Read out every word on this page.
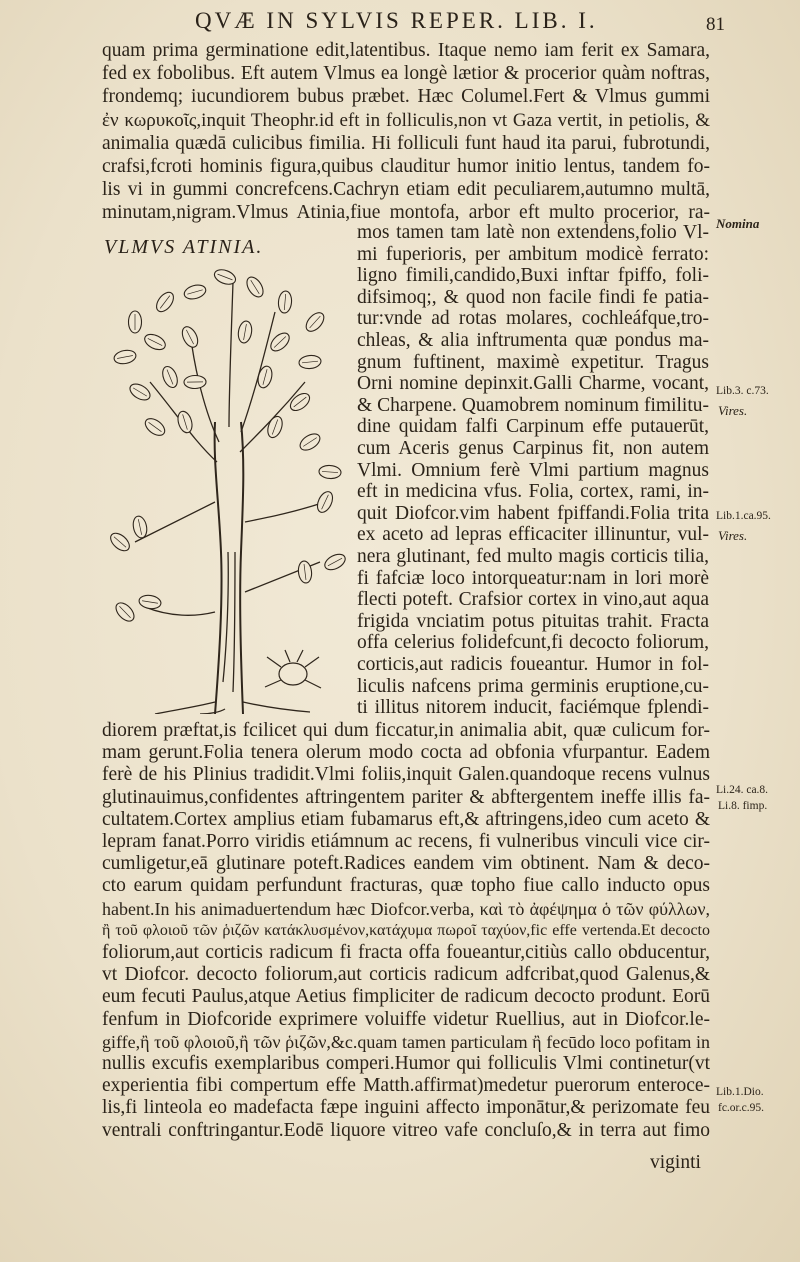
QVÆ IN SYLVIS REPER. LIB. I.	81
quam prima germinatione edit,latentibus. Itaque nemo iam ferit ex Samara,
fed ex fobolibus. Eft autem Vlmus ea longè lætior & procerior quàm noftras,
frondemq; iucundiorem bubus præbet. Hæc Columel.Fert & Vlmus gummi
ἐν κωρυκοῖς,inquit Theophr.id eft in folliculis,non vt Gaza vertit, in petiolis, &
animalia quædā culicibus fimilia. Hi folliculi funt haud ita parui, fubrotundi,
crafsi,fcroti hominis figura,quibus clauditur humor initio lentus, tandem fo-
lis vi in gummi concrefcens.Cachryn etiam edit peculiarem,autumno multā,
minutam,nigram.Vlmus Atinia,fiue montofa, arbor eft multo procerior, ra-
VLMVS ATINIA.
mos tamen tam latè non extendens,folio Vl-
mi fuperioris, per ambitum modicè ferrato:
ligno fimili,candido,Buxi inftar fpiffo, foli-
difsimoq;, & quod non facile findi fe patia-
tur:vnde ad rotas molares, cochleáfque,tro-
chleas, & alia inftrumenta quæ pondus ma-
gnum fuftinent, maximè expetitur. Tragus
Orni nomine depinxit.Galli Charme, vocant,
& Charpene. Quamobrem nominum fimilitu-
dine quidam falfi Carpinum effe putauerūt,
cum Aceris genus Carpinus fit, non autem
Vlmi. Omnium ferè Vlmi partium magnus
eft in medicina vfus. Folia, cortex, rami, in-
quit Diofcor.vim habent fpiffandi.Folia trita
ex aceto ad lepras efficaciter illinuntur, vul-
nera glutinant, fed multo magis corticis tilia,
fi fafciæ loco intorqueatur:nam in lori morè
flecti poteft. Crafsior cortex in vino,aut aqua
frigida vnciatim potus pituitas trahit. Fracta
offa celerius folidefcunt,fi decocto foliorum,
corticis,aut radicis foueantur. Humor in fol-
liculis nafcens prima germinis eruptione,cu-
ti illitus nitorem inducit, faciémque fplendi-
diorem præftat,is fcilicet qui dum ficcatur,in animalia abit, quæ culicum for-
mam gerunt.Folia tenera olerum modo cocta ad obfonia vfurpantur. Eadem
ferè de his Plinius tradidit.Vlmi foliis,inquit Galen.quandoque recens vulnus
glutinauimus,confidentes aftringentem pariter & abftergentem ineffe illis fa-
cultatem.Cortex amplius etiam fubamarus eft,& aftringens,ideo cum aceto &
lepram fanat.Porro viridis etiámnum ac recens, fi vulneribus vinculi vice cir-
cumligetur,eā glutinare poteft.Radices eandem vim obtinent. Nam & deco-
cto earum quidam perfundunt fracturas, quæ topho fiue callo inducto opus
habent.In his animaduertendum hæc Diofcor.verba, καὶ τὸ ἀφέψημα ὁ τῶν φύλλων,
ἢ τοῦ φλοιοῦ τῶν ῥιζῶν κατάκλυσμένον,κατάχυμα πωροῖ ταχύον,fic effe vertenda.Et decocto
foliorum,aut corticis radicum fi fracta offa foueantur,citiùs callo obducentur,
vt Diofcor. decocto foliorum,aut corticis radicum adfcribat,quod Galenus,&
eum fecuti Paulus,atque Aetius fimpliciter de radicum decocto produnt. Eorū
fenfum in Diofcoride exprimere voluiffe videtur Ruellius, aut in Diofcor.le-
giffe,ἢ τοῦ φλοιοῦ,ἢ τῶν ῥιζῶν,&c.quam tamen particulam ἢ fecūdo loco pofitam in
nullis excufis exemplaribus comperi.Humor qui folliculis Vlmi continetur(vt
experientia fibi compertum effe Matth.affirmat)medetur puerorum enteroce-
lis,fi linteola eo madefacta fæpe inguini affecto imponātur,& perizomate feu
ventrali conftringantur.Eodē liquore vitreo vafe concluſo,& in terra aut fimo
viginti
Nomina
Lib.3. c.73.
Vires.
Lib.1.ca.95.
Vires.
Li.24. ca.8.
Li.8. fimp.
Lib.1.Dio.
fc.or.c.95.
